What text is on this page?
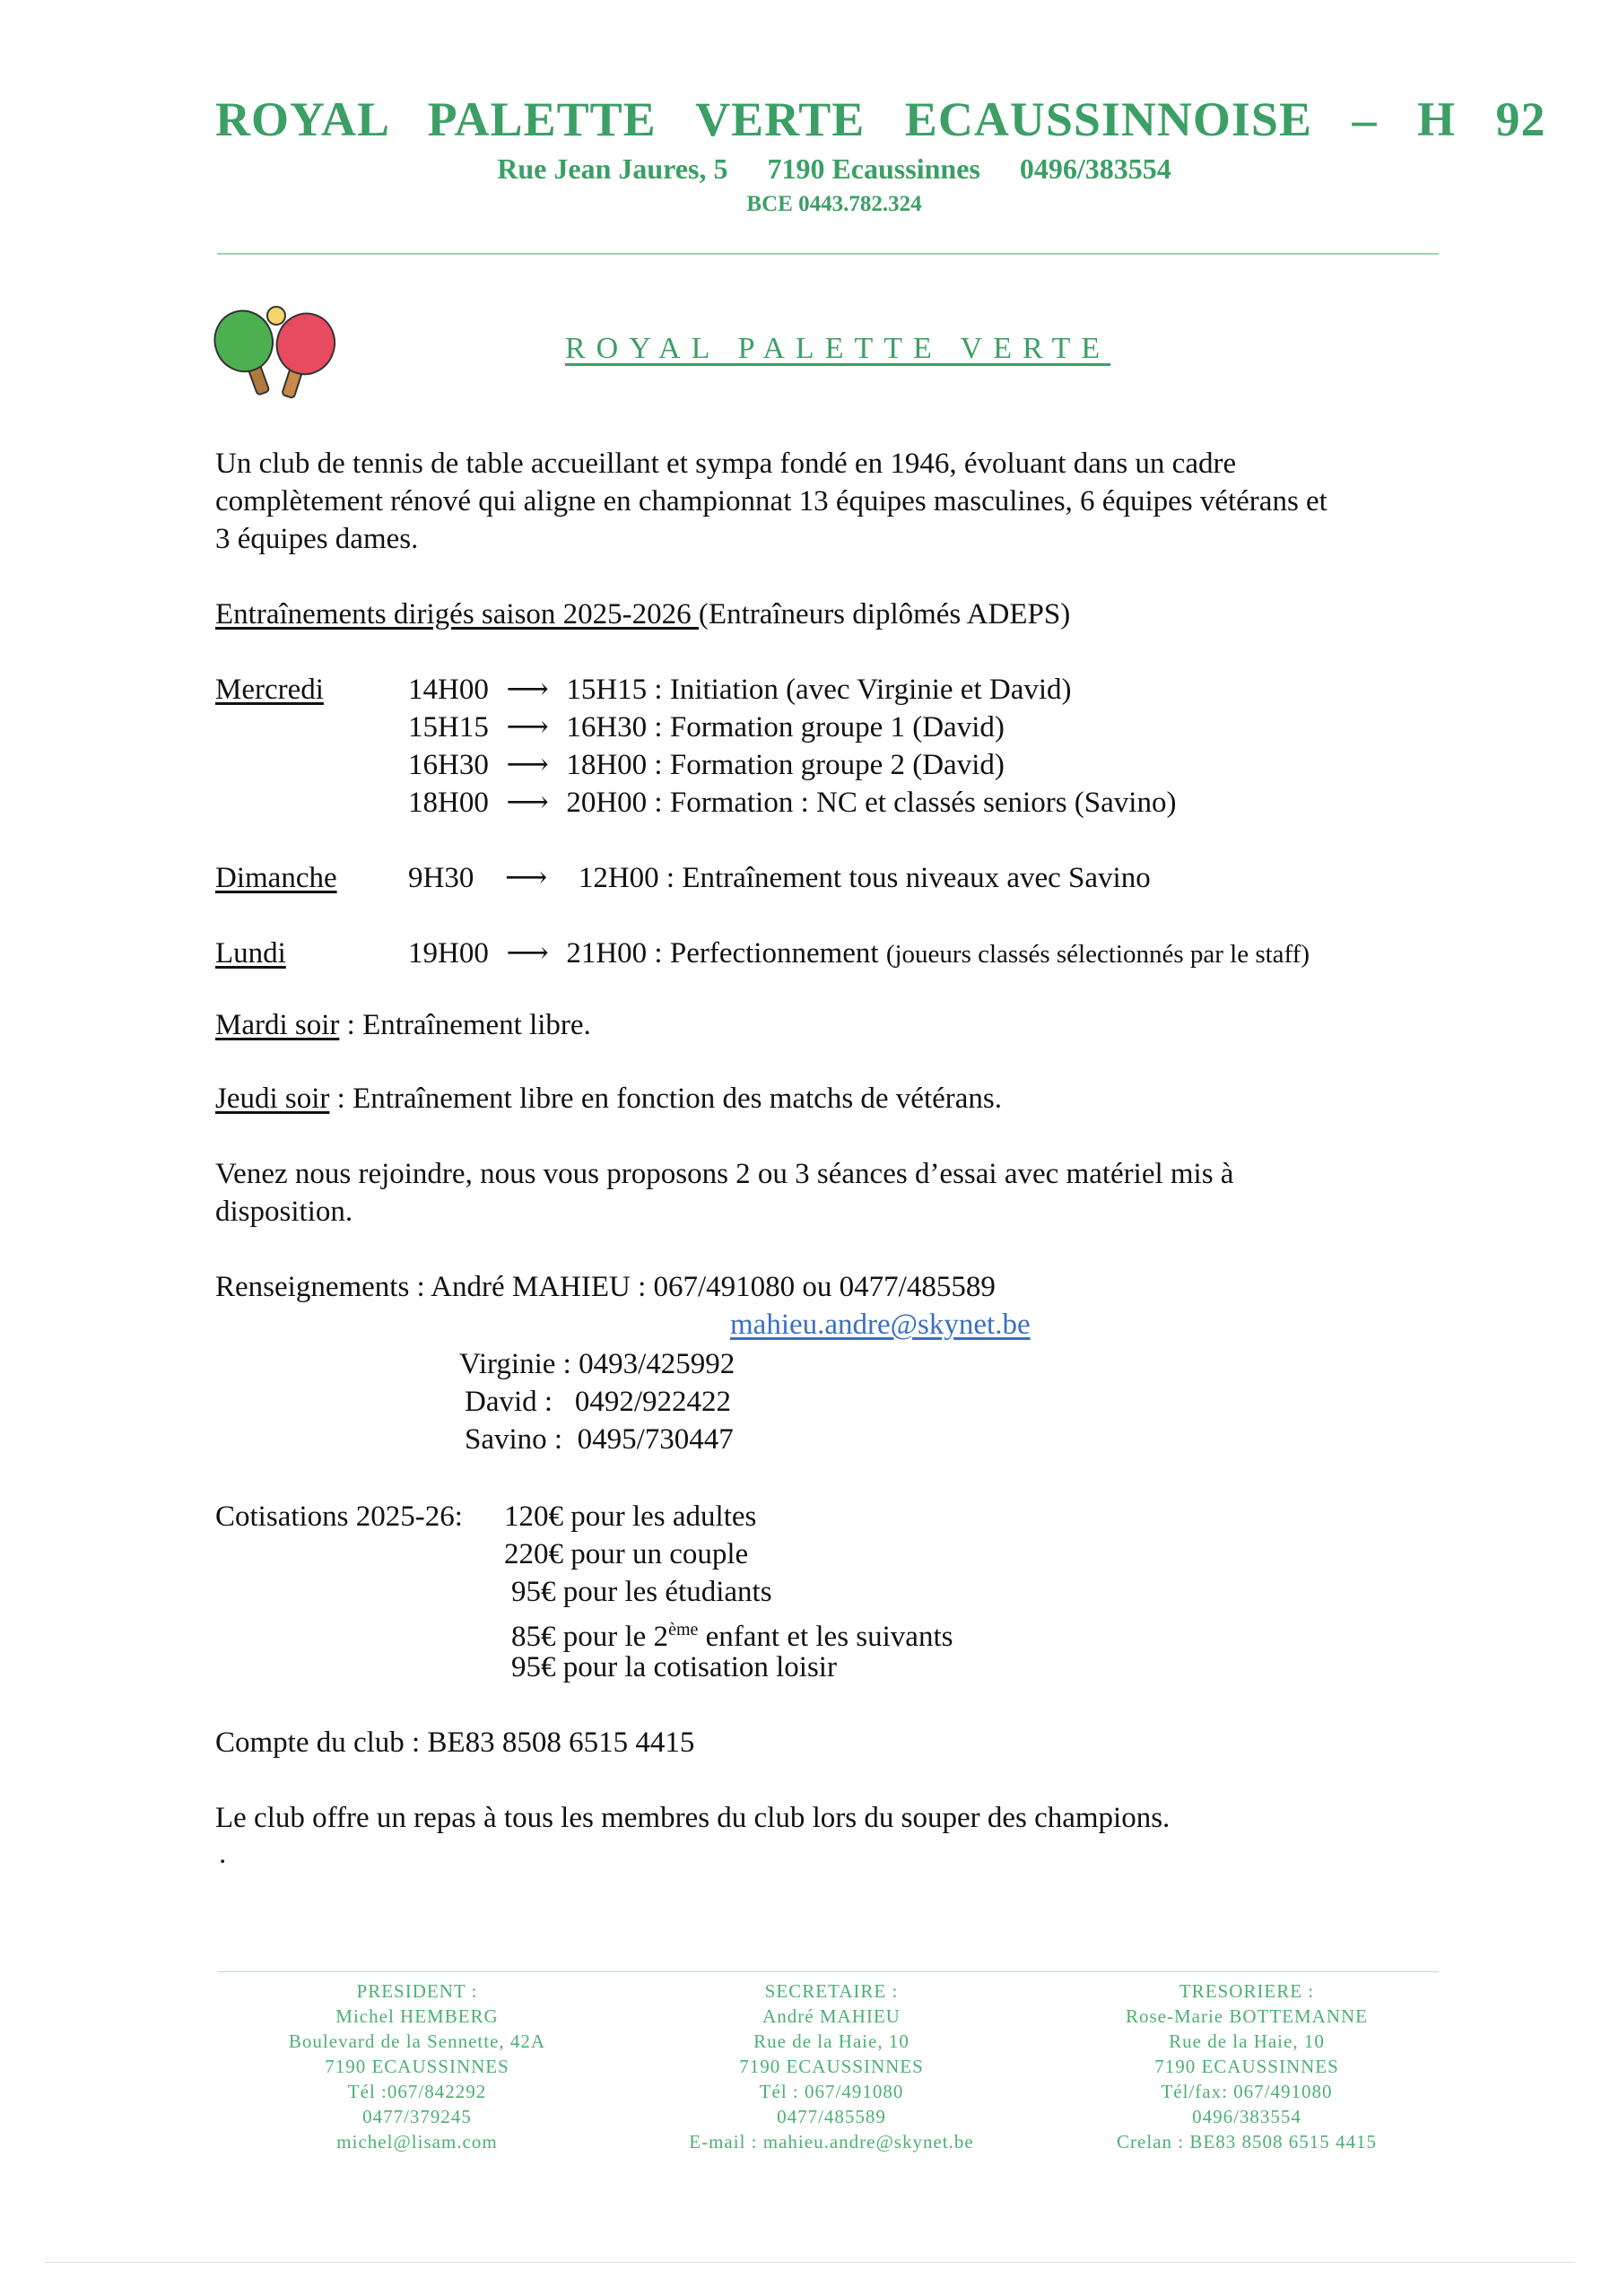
ROYAL PALETTE VERTE ECAUSSINNOISE – H 92
Rue Jean Jaures, 5 7190 Ecaussinnes 0496/383554
BCE 0443.782.324
ROYAL PALETTE VERTE
Un club de tennis de table accueillant et sympa fondé en 1946, évoluant dans un cadre
complètement rénové qui aligne en championnat 13 équipes masculines, 6 équipes vétérans et
3 équipes dames.
Entraînements dirigés saison 2025-2026 (Entraîneurs diplômés ADEPS)
Mercredi	14H00 ⟶ 15H15 : Initiation (avec Virginie et David)
15H15 ⟶ 16H30 : Formation groupe 1 (David)
16H30 ⟶ 18H00 : Formation groupe 2 (David)
18H00 ⟶ 20H00 : Formation : NC et classés seniors (Savino)
Dimanche 9H30 ⟶ 12H00 : Entraînement tous niveaux avec Savino
Lundi	19H00 ⟶ 21H00 : Perfectionnement (joueurs classés sélectionnés par le staff)
Mardi soir : Entraînement libre.
Jeudi soir : Entraînement libre en fonction des matchs de vétérans.
Venez nous rejoindre, nous vous proposons 2 ou 3 séances d’essai avec matériel mis à
disposition.
Renseignements : André MAHIEU : 067/491080 ou 0477/485589
mahieu.andre@skynet.be
Virginie : 0493/425992
David :   0492/922422
Savino :  0495/730447
Cotisations 2025-26: 120€ pour les adultes
220€ pour un couple
95€ pour les étudiants
85€ pour le 2ème enfant et les suivants
95€ pour la cotisation loisir
Compte du club : BE83 8508 6515 4415
Le club offre un repas à tous les membres du club lors du souper des champions.
.
PRESIDENT :
Michel HEMBERG
Boulevard de la Sennette, 42A
7190 ECAUSSINNES
Tél :067/842292
0477/379245
michel@lisam.com
SECRETAIRE :
André MAHIEU
Rue de la Haie, 10
7190 ECAUSSINNES
Tél : 067/491080
0477/485589
E-mail : mahieu.andre@skynet.be
TRESORIERE :
Rose-Marie BOTTEMANNE
Rue de la Haie, 10
7190 ECAUSSINNES
Tél/fax: 067/491080
0496/383554
Crelan : BE83 8508 6515 4415
